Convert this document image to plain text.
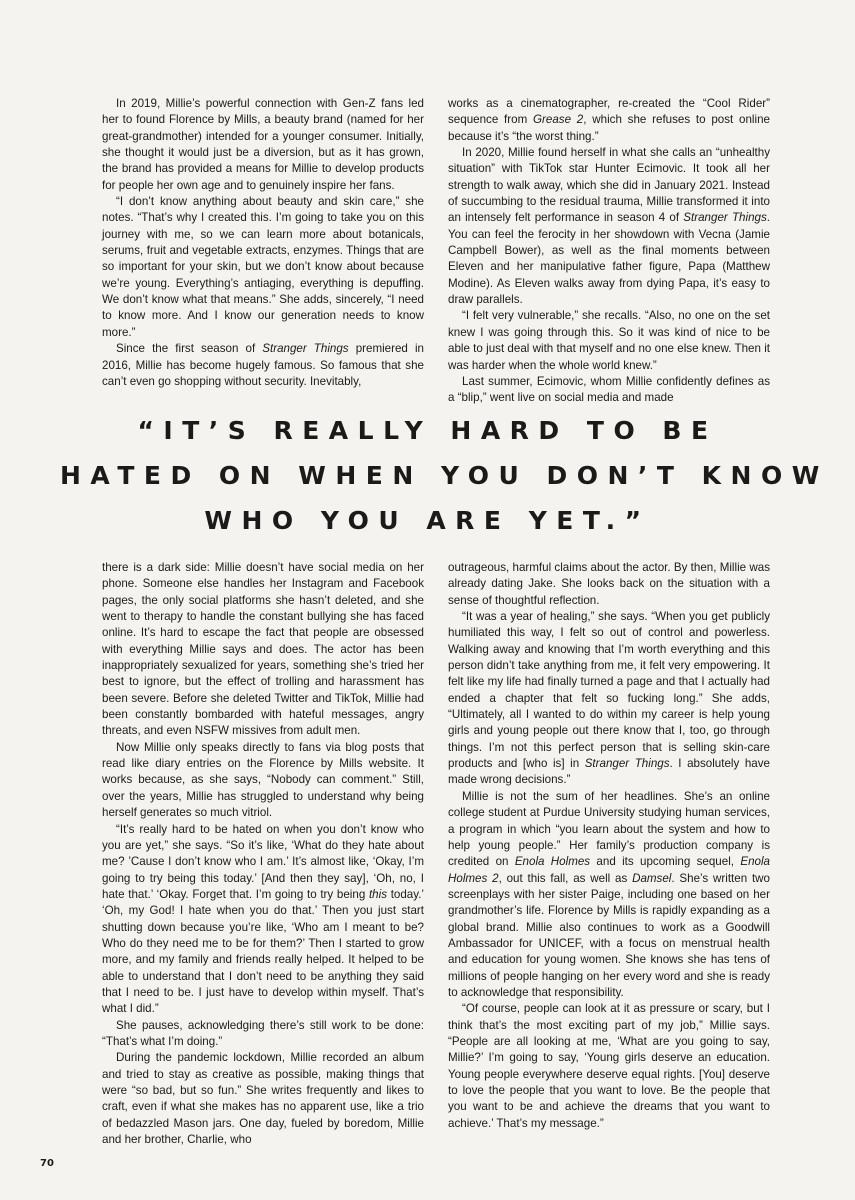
In 2019, Millie’s powerful connection with Gen-Z fans led her to found Florence by Mills, a beauty brand (named for her great-grandmother) intended for a younger consumer. Initially, she thought it would just be a diversion, but as it has grown, the brand has provided a means for Millie to develop products for people her own age and to genuinely inspire her fans.

“I don’t know anything about beauty and skin care,” she notes. “That’s why I created this. I’m going to take you on this journey with me, so we can learn more about botanicals, serums, fruit and vegetable extracts, enzymes. Things that are so important for your skin, but we don’t know about because we’re young. Everything’s antiaging, everything is depuffing. We don’t know what that means.” She adds, sincerely, “I need to know more. And I know our generation needs to know more.”

Since the first season of Stranger Things premiered in 2016, Millie has become hugely famous. So famous that she can’t even go shopping without security. Inevitably,

works as a cinematographer, re-created the “Cool Rider” sequence from Grease 2, which she refuses to post online because it’s “the worst thing.”

In 2020, Millie found herself in what she calls an “unhealthy situation” with TikTok star Hunter Ecimovic. It took all her strength to walk away, which she did in January 2021. Instead of succumbing to the residual trauma, Millie transformed it into an intensely felt performance in season 4 of Stranger Things. You can feel the ferocity in her showdown with Vecna (Jamie Campbell Bower), as well as the final moments between Eleven and her manipulative father figure, Papa (Matthew Modine). As Eleven walks away from dying Papa, it’s easy to draw parallels.

“I felt very vulnerable,” she recalls. “Also, no one on the set knew I was going through this. So it was kind of nice to be able to just deal with that myself and no one else knew. Then it was harder when the whole world knew.”

Last summer, Ecimovic, whom Millie confidently defines as a “blip,” went live on social media and made

“IT’S REALLY HARD TO BE
HATED ON WHEN YOU DON’T KNOW
WHO YOU ARE YET.”

there is a dark side: Millie doesn’t have social media on her phone. Someone else handles her Instagram and Facebook pages, the only social platforms she hasn’t deleted, and she went to therapy to handle the constant bullying she has faced online. It’s hard to escape the fact that people are obsessed with everything Millie says and does. The actor has been inappropriately sexualized for years, something she’s tried her best to ignore, but the effect of trolling and harassment has been severe. Before she deleted Twitter and TikTok, Millie had been constantly bombarded with hateful messages, angry threats, and even NSFW missives from adult men.

Now Millie only speaks directly to fans via blog posts that read like diary entries on the Florence by Mills website. It works because, as she says, “Nobody can comment.” Still, over the years, Millie has struggled to understand why being herself generates so much vitriol.

“It’s really hard to be hated on when you don’t know who you are yet,” she says. “So it’s like, ‘What do they hate about me? ’Cause I don’t know who I am.’ It’s almost like, ‘Okay, I’m going to try being this today.’ [And then they say], ‘Oh, no, I hate that.’ ‘Okay. Forget that. I’m going to try being this today.’ ‘Oh, my God! I hate when you do that.’ Then you just start shutting down because you’re like, ‘Who am I meant to be? Who do they need me to be for them?’ Then I started to grow more, and my family and friends really helped. It helped to be able to understand that I don’t need to be anything they said that I need to be. I just have to develop within myself. That’s what I did.”

She pauses, acknowledging there’s still work to be done: “That’s what I’m doing.”

During the pandemic lockdown, Millie recorded an album and tried to stay as creative as possible, making things that were “so bad, but so fun.” She writes frequently and likes to craft, even if what she makes has no apparent use, like a trio of bedazzled Mason jars. One day, fueled by boredom, Millie and her brother, Charlie, who

outrageous, harmful claims about the actor. By then, Millie was already dating Jake. She looks back on the situation with a sense of thoughtful reflection.

“It was a year of healing,” she says. “When you get publicly humiliated this way, I felt so out of control and powerless. Walking away and knowing that I’m worth everything and this person didn’t take anything from me, it felt very empowering. It felt like my life had finally turned a page and that I actually had ended a chapter that felt so fucking long.” She adds, “Ultimately, all I wanted to do within my career is help young girls and young people out there know that I, too, go through things. I’m not this perfect person that is selling skin-care products and [who is] in Stranger Things. I absolutely have made wrong decisions.”

Millie is not the sum of her headlines. She’s an online college student at Purdue University studying human services, a program in which “you learn about the system and how to help young people.” Her family’s production company is credited on Enola Holmes and its upcoming sequel, Enola Holmes 2, out this fall, as well as Damsel. She’s written two screenplays with her sister Paige, including one based on her grandmother’s life. Florence by Mills is rapidly expanding as a global brand. Millie also continues to work as a Goodwill Ambassador for UNICEF, with a focus on menstrual health and education for young women. She knows she has tens of millions of people hanging on her every word and she is ready to acknowledge that responsibility.

“Of course, people can look at it as pressure or scary, but I think that’s the most exciting part of my job,” Millie says. “People are all looking at me, ‘What are you going to say, Millie?’ I’m going to say, ‘Young girls deserve an education. Young people everywhere deserve equal rights. [You] deserve to love the people that you want to love. Be the people that you want to be and achieve the dreams that you want to achieve.’ That’s my message.”

70
